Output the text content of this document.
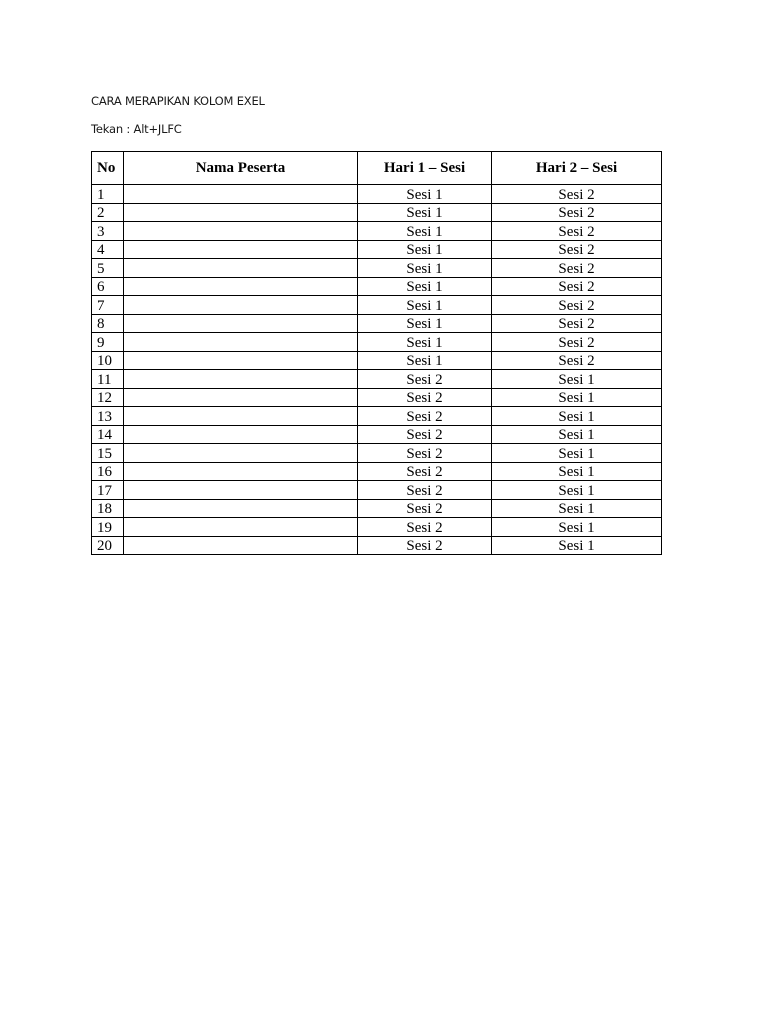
CARA MERAPIKAN KOLOM EXEL
Tekan : Alt+JLFC
No	Nama Peserta	Hari 1 – Sesi	Hari 2 – Sesi
1		Sesi 1	Sesi 2
2		Sesi 1	Sesi 2
3		Sesi 1	Sesi 2
4		Sesi 1	Sesi 2
5		Sesi 1	Sesi 2
6		Sesi 1	Sesi 2
7		Sesi 1	Sesi 2
8		Sesi 1	Sesi 2
9		Sesi 1	Sesi 2
10		Sesi 1	Sesi 2
11		Sesi 2	Sesi 1
12		Sesi 2	Sesi 1
13		Sesi 2	Sesi 1
14		Sesi 2	Sesi 1
15		Sesi 2	Sesi 1
16		Sesi 2	Sesi 1
17		Sesi 2	Sesi 1
18		Sesi 2	Sesi 1
19		Sesi 2	Sesi 1
20		Sesi 2	Sesi 1
